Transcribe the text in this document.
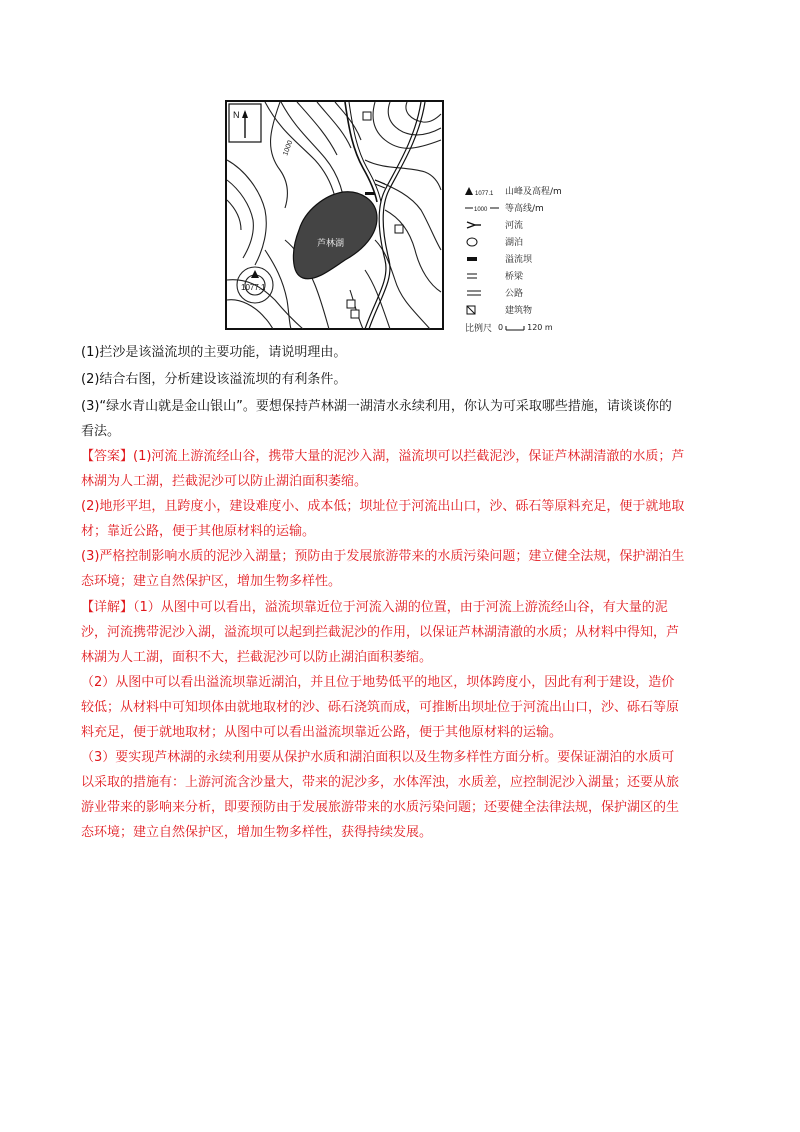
N
芦林湖
1077.1
1000
1077.1 山峰及高程/m
1000 等高线/m
河流
湖泊
溢流坝
桥梁
公路
建筑物
比例尺 0	120 m
(1)拦沙是该溢流坝的主要功能，请说明理由。
(2)结合右图，分析建设该溢流坝的有利条件。
(3)“绿水青山就是金山银山”。要想保持芦林湖一湖清水永续利用，你认为可采取哪些措施，请谈谈你的
看法。
【答案】(1)河流上游流经山谷，携带大量的泥沙入湖，溢流坝可以拦截泥沙，保证芦林湖清澈的水质；芦
林湖为人工湖，拦截泥沙可以防止湖泊面积萎缩。
(2)地形平坦，且跨度小，建设难度小、成本低；坝址位于河流出山口，沙、砾石等原料充足，便于就地取
材；靠近公路，便于其他原材料的运输。
(3)严格控制影响水质的泥沙入湖量；预防由于发展旅游带来的水质污染问题；建立健全法规，保护湖泊生
态环境；建立自然保护区，增加生物多样性。
【详解】（1）从图中可以看出，溢流坝靠近位于河流入湖的位置，由于河流上游流经山谷，有大量的泥
沙，河流携带泥沙入湖，溢流坝可以起到拦截泥沙的作用，以保证芦林湖清澈的水质；从材料中得知，芦
林湖为人工湖，面积不大，拦截泥沙可以防止湖泊面积萎缩。
（2）从图中可以看出溢流坝靠近湖泊，并且位于地势低平的地区，坝体跨度小，因此有利于建设，造价
较低；从材料中可知坝体由就地取材的沙、砾石浇筑而成，可推断出坝址位于河流出山口，沙、砾石等原
料充足，便于就地取材；从图中可以看出溢流坝靠近公路，便于其他原材料的运输。
（3）要实现芦林湖的永续利用要从保护水质和湖泊面积以及生物多样性方面分析。要保证湖泊的水质可
以采取的措施有：上游河流含沙量大，带来的泥沙多，水体浑浊，水质差，应控制泥沙入湖量；还要从旅
游业带来的影响来分析，即要预防由于发展旅游带来的水质污染问题；还要健全法律法规，保护湖区的生
态环境；建立自然保护区，增加生物多样性，获得持续发展。
